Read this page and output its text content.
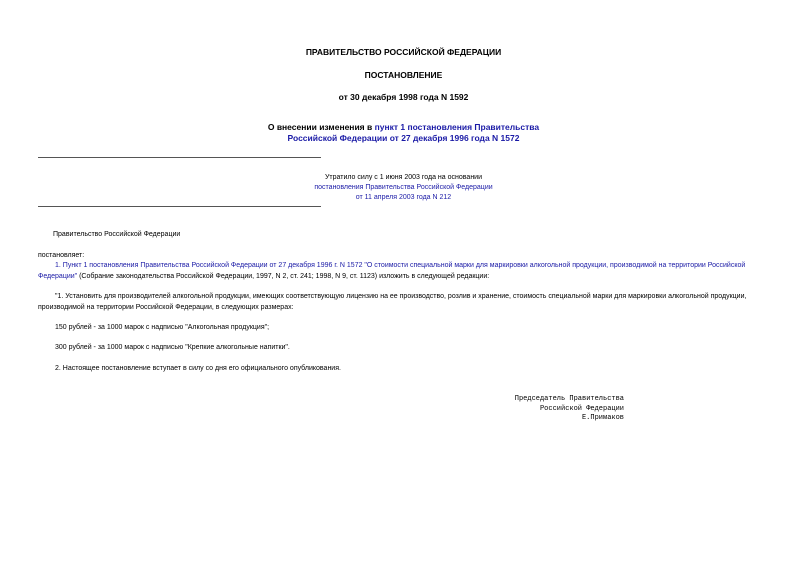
ПРАВИТЕЛЬСТВО РОССИЙСКОЙ ФЕДЕРАЦИИ
ПОСТАНОВЛЕНИЕ
от 30 декабря 1998 года N 1592
О внесении изменения в пункт 1 постановления Правительства
Российской Федерации от 27 декабря 1996 года N 1572
Утратило силу с 1 июня 2003 года на основании
постановления Правительства Российской Федерации
от 11 апреля 2003 года N 212
Правительство Российской Федерации
постановляет:
1. Пункт 1 постановления Правительства Российской Федерации от 27 декабря 1996 г. N 1572 "О стоимости специальной марки для маркировки алкогольной продукции, производимой на территории Российской Федерации" (Собрание законодательства Российской Федерации, 1997, N 2, ст. 241; 1998, N 9, ст. 1123) изложить в следующей редакции:
"1. Установить для производителей алкогольной продукции, имеющих соответствующую лицензию на ее производство, розлив и хранение, стоимость специальной марки для маркировки алкогольной продукции, производимой на территории Российской Федерации, в следующих размерах:
150 рублей - за 1000 марок с надписью "Алкогольная продукция";
300 рублей - за 1000 марок с надписью "Крепкие алкогольные напитки".
2. Настоящее постановление вступает в силу со дня его официального опубликования.
Председатель Правительства
Российской Федерации
Е.Примаков
